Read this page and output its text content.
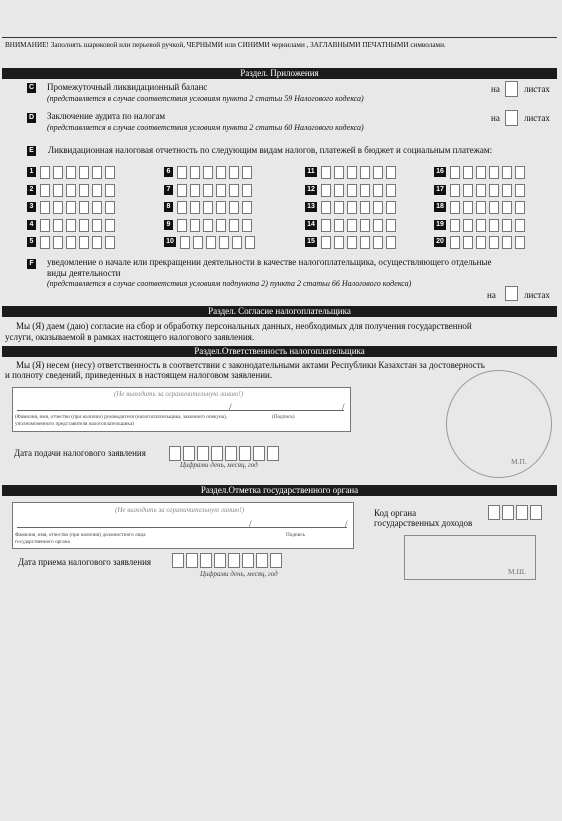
ВНИМАНИЕ! Заполнять шариковой или перьевой ручкой, ЧЕРНЫМИ или СИНИМИ чернилами , ЗАГЛАВНЫМИ ПЕЧАТНЫМИ символами.
Раздел. Приложения
C Промежуточный ликвидационный баланс
(представляется в случае соответствия условиям пункта 2 статьи 59 Налогового кодекса)
на	листах
D Заключение аудита по налогам
(представляется в случае соответствия условиям пункта 2 статьи 60 Налогового кодекса)
на	листах
E Ликвидационная налоговая отчетность по следующим видам налогов, платежей в бюджет и социальным платежам:
1
2
3
4
5
6
7
8
9
10
11
12
13
14
15
16
17
18
19
20
F уведомление о начале или прекращении деятельности в качестве налогоплательщика, осуществляющего отдельные
виды деятельности
(представляется в случае соответствия условиям подпункта 2) пункта 2 статьи 66 Налогового кодекса)
на	листах
Раздел. Согласие налогоплательщика
Мы (Я) даем (даю) согласие на сбор и обработку персональных данных, необходимых для получения государственной
услуги, оказываемой в рамках настоящего налогового заявления.
Раздел.Ответственность налогоплательщика
Мы (Я) несем (несу) ответственность в соответствии с законодательными актами Республики Казахстан за достоверность
и полноту сведений, приведенных в настоящем налоговом заявлении.
(Не выходить за ограничительную линию!)
/	/
(Фамилия, имя, отчество (при наличии) руководителя (налогоплательщика, законного опекуна),
уполномоченного представителя налогоплательщика)
(Подпись)
М.П.
Дата подачи налогового заявления
Цифрами день, месяц, год
Раздел.Отметка государственного органа
(Не выходить за ограничительную линию!)
/	/
Фамилия, имя, отчество (при наличии) должностного лица
государственного органа
Подпись
Код органа
государственных доходов
Дата приема налогового заявления
Цифрами день, месяц, год	М.Ш.
